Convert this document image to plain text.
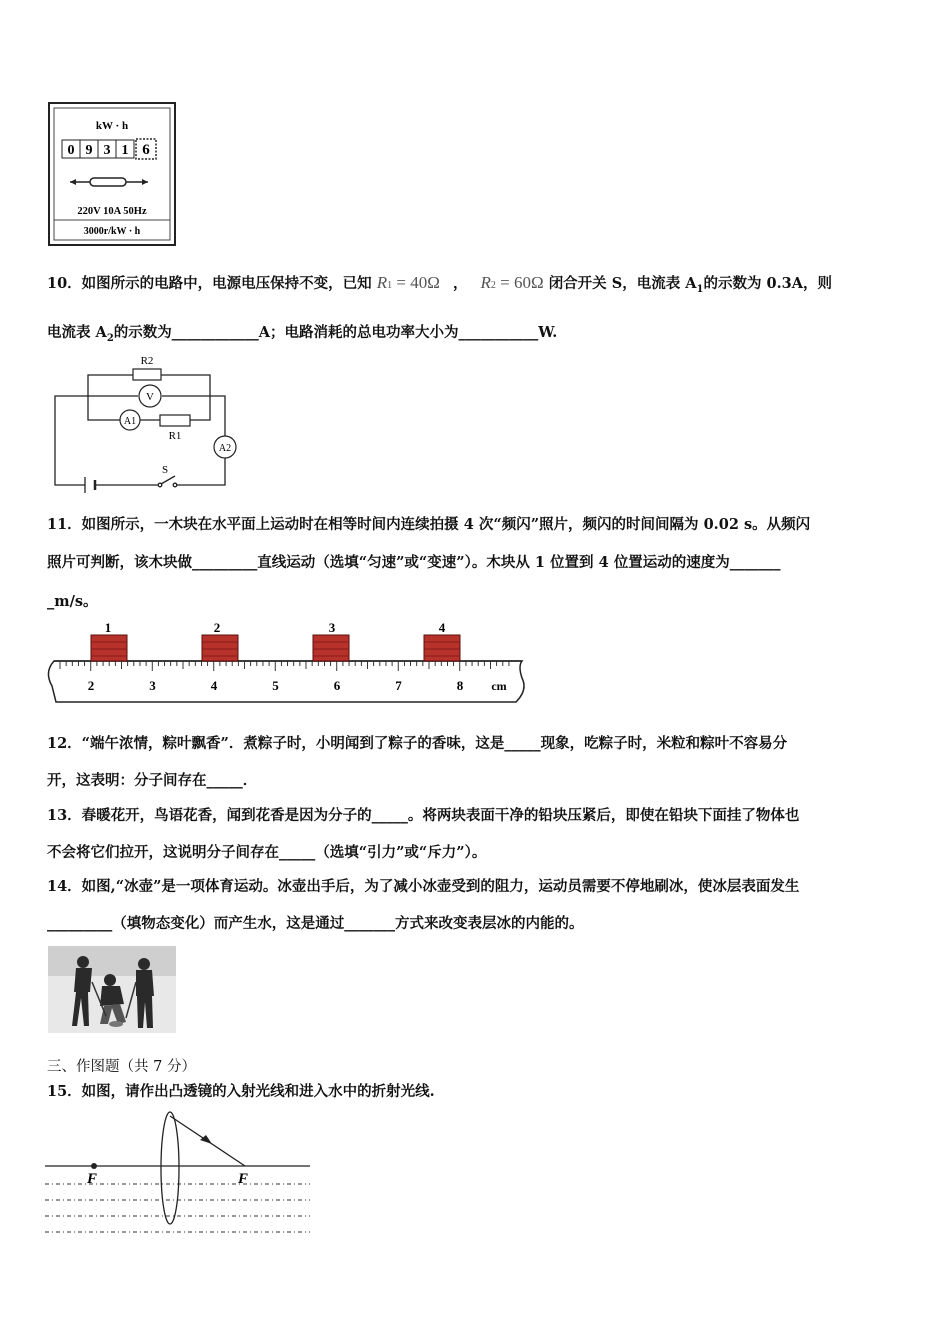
kW · h
0 9 3 1 6
220V 10A 50Hz
3000r/kW · h
10．如图所示的电路中，电源电压保持不变，已知 R1 = 40Ω ， R2 = 60Ω 闭合开关 S，电流表 $A_1$的示数为 0.3A，则
电流表 $A_2$的示数为____________A；电路消耗的总电功率大小为___________W.
R2
V
A1
R1
A2
S
11．如图所示，一木块在水平面上运动时在相等时间内连续拍摄 4 次“频闪”照片，频闪的时间间隔为 0.02 s。从频闪
照片可判断，该木块做_________直线运动（选填“匀速”或“变速”）。木块从 1 位置到 4 位置运动的速度为_______
_m/s。
1	2	3	4
2	3	4	5	6	7	8 cm
12．“端午浓情，粽叶飘香”．煮粽子时，小明闻到了粽子的香味，这是_____现象，吃粽子时，米粒和粽叶不容易分
开，这表明：分子间存在_____．
13．春暖花开，鸟语花香，闻到花香是因为分子的_____。将两块表面干净的铅块压紧后，即使在铅块下面挂了物体也
不会将它们拉开，这说明分子间存在_____（选填“引力”或“斥力”）。
14．如图,“冰壶”是一项体育运动。冰壶出手后，为了减小冰壶受到的阻力，运动员需要不停地刷冰，使冰层表面发生
_________（填物态变化）而产生水，这是通过_______方式来改变表层冰的内能的。
三、作图题（共 7 分）
15．如图，请作出凸透镜的入射光线和进入水中的折射光线.
F	F
